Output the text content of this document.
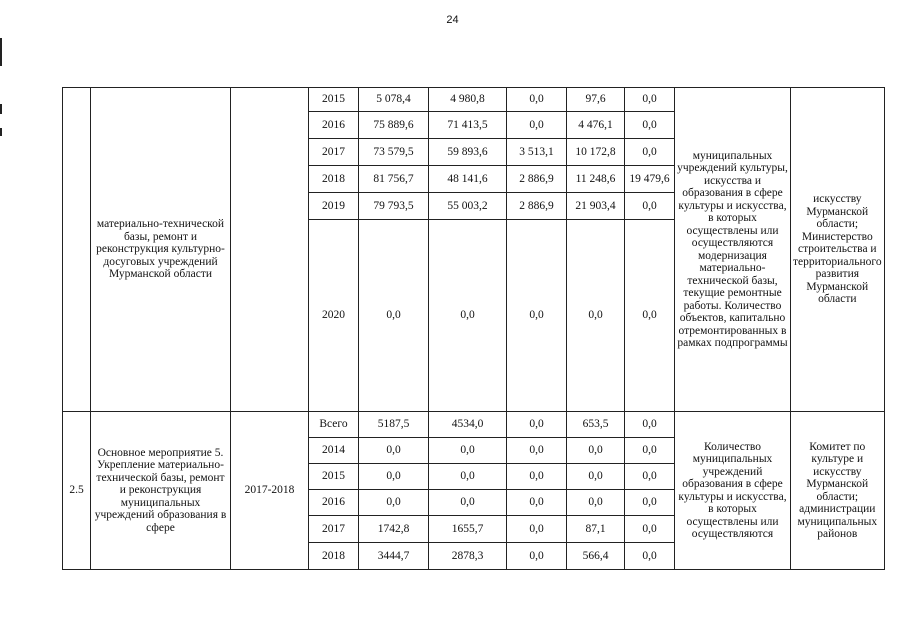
24
	материально-технической базы, ремонт и реконструкция культурно-досуговых учреждений Мурманской области		2015	5 078,4	4 980,8	0,0	97,6	0,0	муниципальных учреждений культуры, искусства и образования в сфере культуры и искусства, в которых осуществлены или осуществляются модернизация материально-технической базы, текущие ремонтные работы. Количество объектов, капитально отремонтированных в рамках подпрограммы	искусству Мурманской области; Министерство строительства и территориального развития Мурманской области
			2016	75 889,6	71 413,5	0,0	4 476,1	0,0		
			2017	73 579,5	59 893,6	3 513,1	10 172,8	0,0		
			2018	81 756,7	48 141,6	2 886,9	11 248,6	19 479,6		
			2019	79 793,5	55 003,2	2 886,9	21 903,4	0,0		
			2020	0,0	0,0	0,0	0,0	0,0		
2.5	Основное мероприятие 5. Укрепление материально-технической базы, ремонт и реконструкция муниципальных учреждений образования в сфере	2017-2018	Всего	5187,5	4534,0	0,0	653,5	0,0	Количество муниципальных учреждений образования в сфере культуры и искусства, в которых осуществлены или осуществляются	Комитет по культуре и искусству Мурманской области; администрации муниципальных районов
			2014	0,0	0,0	0,0	0,0	0,0		
			2015	0,0	0,0	0,0	0,0	0,0		
			2016	0,0	0,0	0,0	0,0	0,0		
			2017	1742,8	1655,7	0,0	87,1	0,0		
			2018	3444,7	2878,3	0,0	566,4	0,0		
